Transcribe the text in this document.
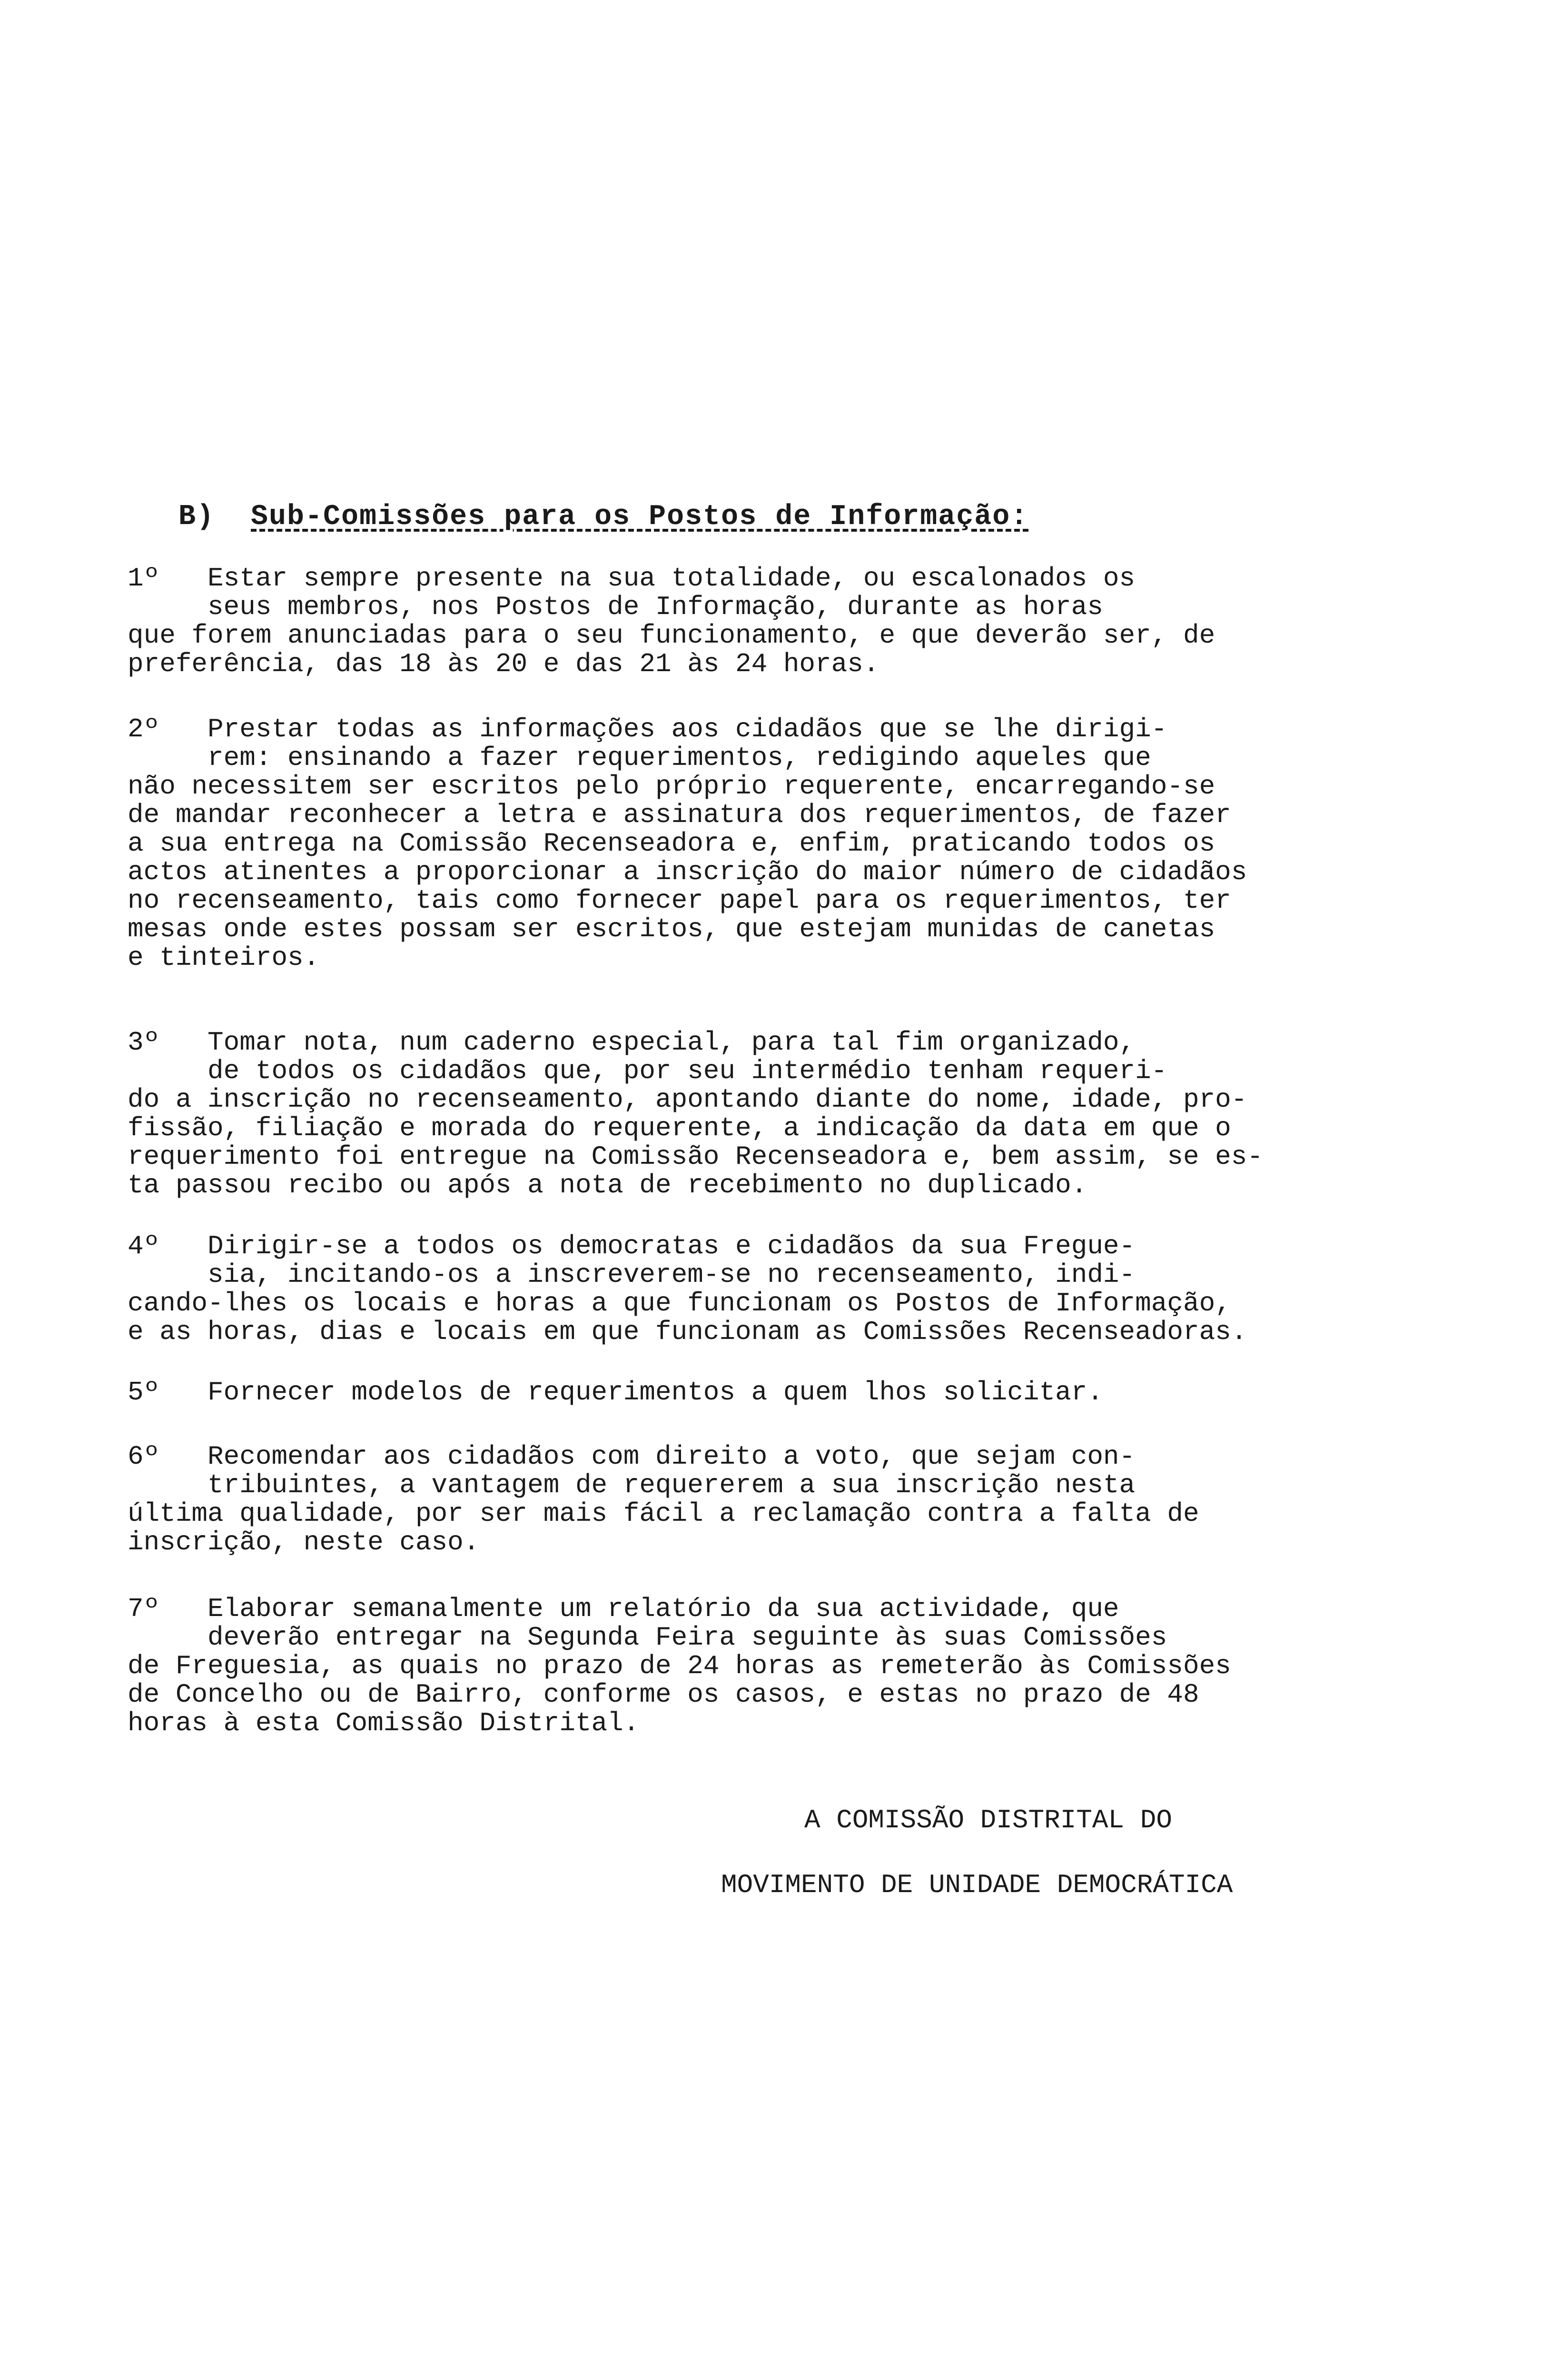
B) Sub-Comissões para os Postos de Informação:
1º   Estar sempre presente na sua totalidade, ou escalonados os
seus membros, nos Postos de Informação, durante as horas
que forem anunciadas para o seu funcionamento, e que deverão ser, de
preferência, das 18 às 20 e das 21 às 24 horas.
2º   Prestar todas as informações aos cidadãos que se lhe dirigi-
rem: ensinando a fazer requerimentos, redigindo aqueles que
não necessitem ser escritos pelo próprio requerente, encarregando-se
de mandar reconhecer a letra e assinatura dos requerimentos, de fazer
a sua entrega na Comissão Recenseadora e, enfim, praticando todos os
actos atinentes a proporcionar a inscrição do maior número de cidadãos
no recenseamento, tais como fornecer papel para os requerimentos, ter
mesas onde estes possam ser escritos, que estejam munidas de canetas
e tinteiros.
3º   Tomar nota, num caderno especial, para tal fim organizado,
de todos os cidadãos que, por seu intermédio tenham requeri-
do a inscrição no recenseamento, apontando diante do nome, idade, pro-
fissão, filiação e morada do requerente, a indicação da data em que o
requerimento foi entregue na Comissão Recenseadora e, bem assim, se es-
ta passou recibo ou após a nota de recebimento no duplicado.
4º   Dirigir-se a todos os democratas e cidadãos da sua Fregue-
sia, incitando-os a inscreverem-se no recenseamento, indi-
cando-lhes os locais e horas a que funcionam os Postos de Informação,
e as horas, dias e locais em que funcionam as Comissões Recenseadoras.
5º   Fornecer modelos de requerimentos a quem lhos solicitar.
6º   Recomendar aos cidadãos com direito a voto, que sejam con-
tribuintes, a vantagem de requererem a sua inscrição nesta
última qualidade, por ser mais fácil a reclamação contra a falta de
inscrição, neste caso.
7º   Elaborar semanalmente um relatório da sua actividade, que
deverão entregar na Segunda Feira seguinte às suas Comissões
de Freguesia, as quais no prazo de 24 horas as remeterão às Comissões
de Concelho ou de Bairro, conforme os casos, e estas no prazo de 48
horas à esta Comissão Distrital.
A COMISSÃO DISTRITAL DO
MOVIMENTO DE UNIDADE DEMOCRÁTICA
